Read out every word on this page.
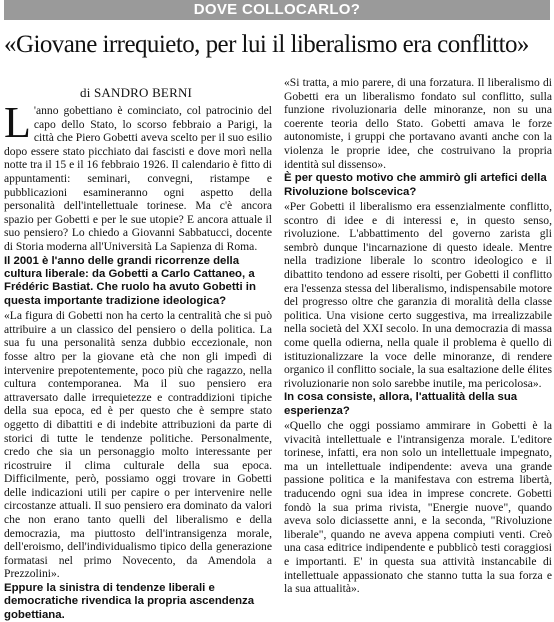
DOVE COLLOCARLO?
«Giovane irrequieto, per lui il liberalismo era conflitto»
di SANDRO BERNI

L 'anno gobettiano è cominciato, col patrocinio del capo dello Stato, lo scorso febbraio a Parigi, la città che Piero Gobetti aveva scelto per il suo esilio dopo essere stato picchiato dai fascisti e dove morì nella notte tra il 15 e il 16 febbraio 1926. Il calendario è fitto di appuntamenti: seminari, convegni, ristampe e pubblicazioni esamineranno ogni aspetto della personalità dell'intellettuale torinese. Ma c'è ancora spazio per Gobetti e per le sue utopie? E ancora attuale il suo pensiero? Lo chiedo a Giovanni Sabbatucci, docente di Storia moderna all'Università La Sapienza di Roma.

Il 2001 è l'anno delle grandi ricorrenze della cultura liberale: da Gobetti a Carlo Cattaneo, a Frédéric Bastiat. Che ruolo ha avuto Gobetti in questa importante tradizione ideologica?

«La figura di Gobetti non ha certo la centralità che si può attribuire a un classico del pensiero o della politica. La sua fu una personalità senza dubbio eccezionale, non fosse altro per la giovane età che non gli impedì di intervenire prepotentemente, poco più che ragazzo, nella cultura contemporanea. Ma il suo pensiero era attraversato dalle irrequietezze e contraddizioni tipiche della sua epoca, ed è per questo che è sempre stato oggetto di dibattiti e di indebite attribuzioni da parte di storici di tutte le tendenze politiche. Personalmente, credo che sia un personaggio molto interessante per ricostruire il clima culturale della sua epoca. Difficilmente, però, possiamo oggi trovare in Gobetti delle indicazioni utili per capire o per intervenire nelle circostanze attuali. Il suo pensiero era dominato da valori che non erano tanto quelli del liberalismo e della democrazia, ma piuttosto dell'intransigenza morale, dell'eroismo, dell'individualismo tipico della generazione formatasi nel primo Novecento, da Amendola a Prezzolini».

Eppure la sinistra di tendenze liberali e democratiche rivendica la propria ascendenza gobettiana.

«Si tratta, a mio parere, di una forzatura. Il liberalismo di Gobetti era un liberalismo fondato sul conflitto, sulla funzione rivoluzionaria delle minoranze, non su una coerente teoria dello Stato. Gobetti amava le forze autonomiste, i gruppi che portavano avanti anche con la violenza le proprie idee, che costruivano la propria identità sul dissenso».

È per questo motivo che ammirò gli artefici della Rivoluzione bolscevica?

«Per Gobetti il liberalismo era essenzialmente conflitto, scontro di idee e di interessi e, in questo senso, rivoluzione. L'abbattimento del governo zarista gli sembrò dunque l'incarnazione di questo ideale. Mentre nella tradizione liberale lo scontro ideologico e il dibattito tendono ad essere risolti, per Gobetti il conflitto era l'essenza stessa del liberalismo, indispensabile motore del progresso oltre che garanzia di moralità della classe politica. Una visione certo suggestiva, ma irrealizzabile nella società del XXI secolo. In una democrazia di massa come quella odierna, nella quale il problema è quello di istituzionalizzare la voce delle minoranze, di rendere organico il conflitto sociale, la sua esaltazione delle élites rivoluzionarie non solo sarebbe inutile, ma pericolosa».

In cosa consiste, allora, l'attualità della sua esperienza?

«Quello che oggi possiamo ammirare in Gobetti è la vivacità intellettuale e l'intransigenza morale. L'editore torinese, infatti, era non solo un intellettuale impegnato, ma un intellettuale indipendente: aveva una grande passione politica e la manifestava con estrema libertà, traducendo ogni sua idea in imprese concrete. Gobetti fondò la sua prima rivista, "Energie nuove", quando aveva solo diciassette anni, e la seconda, "Rivoluzione liberale", quando ne aveva appena compiuti venti. Creò una casa editrice indipendente e pubblicò testi coraggiosi e importanti. E' in questa sua attività instancabile di intellettuale appassionato che stanno tutta la sua forza e la sua attualità».
